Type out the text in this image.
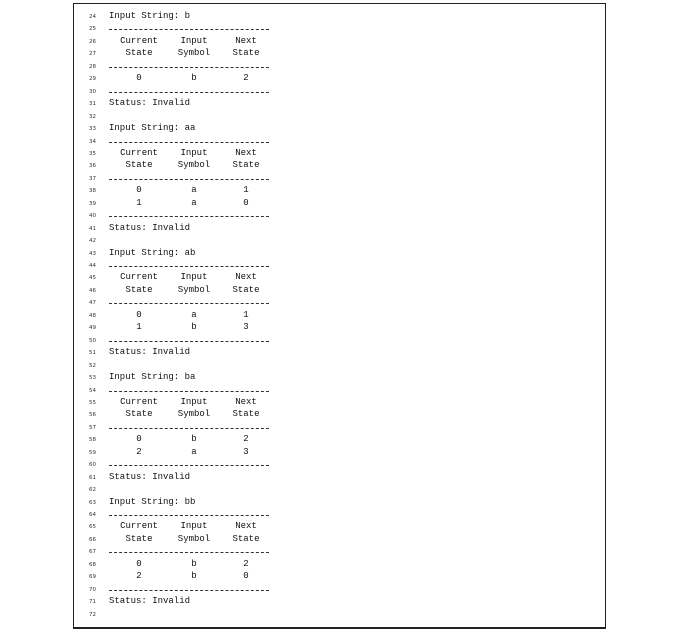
24
25
26
27
28
29
30
31
32
33
34
35
36
37
38
39
40
41
42
43
44
45
46
47
48
49
50
51
52
53
54
55
56
57
58
59
60
61
62
63
64
65
66
67
68
69
70
71
72
Input String: b
Current	Input	Next
State	Symbol	State
0	b	2
Status: Invalid
Input String: aa
Current	Input	Next
State	Symbol	State
0	a	1
1	a	0
Status: Invalid
Input String: ab
Current	Input	Next
State	Symbol	State
0	a	1
1	b	3
Status: Invalid
Input String: ba
Current	Input	Next
State	Symbol	State
0	b	2
2	a	3
Status: Invalid
Input String: bb
Current	Input	Next
State	Symbol	State
0	b	2
2	b	0
Status: Invalid
